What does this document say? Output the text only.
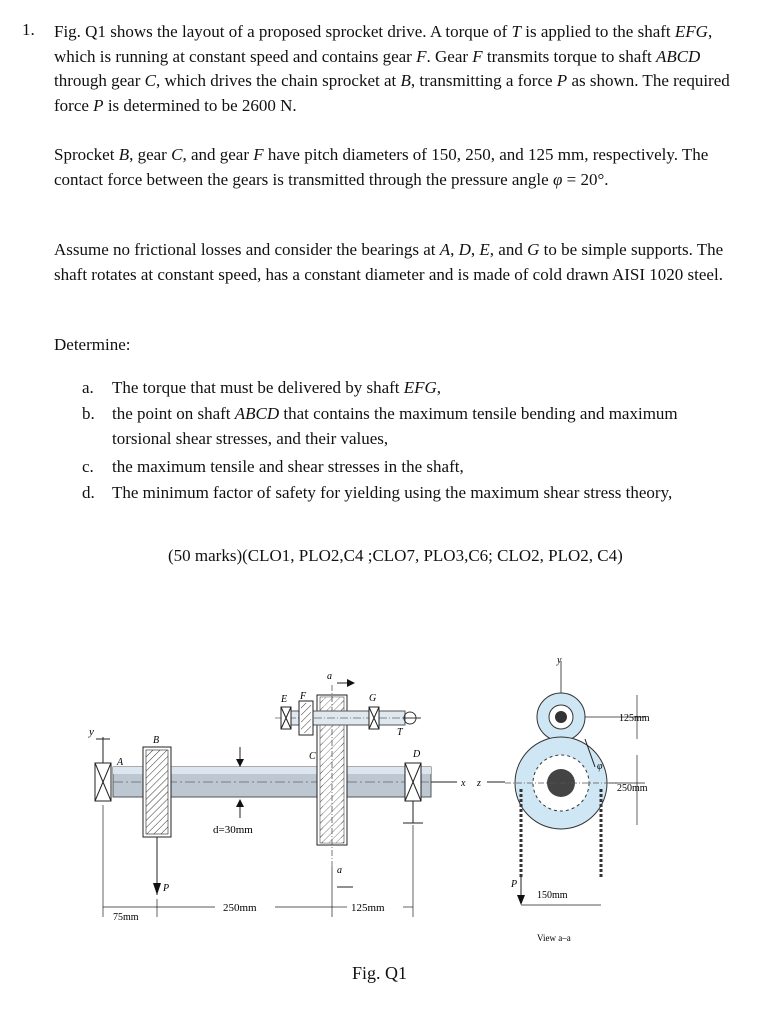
1. Fig. Q1 shows the layout of a proposed sprocket drive. A torque of T is applied to the shaft EFG, which is running at constant speed and contains gear F. Gear F transmits torque to shaft ABCD through gear C, which drives the chain sprocket at B, transmitting a force P as shown. The required force P is determined to be 2600 N.
Sprocket B, gear C, and gear F have pitch diameters of 150, 250, and 125 mm, respectively. The contact force between the gears is transmitted through the pressure angle φ = 20°.
Assume no frictional losses and consider the bearings at A, D, E, and G to be simple supports. The shaft rotates at constant speed, has a constant diameter and is made of cold drawn AISI 1020 steel.
Determine:
a. The torque that must be delivered by shaft EFG,
b. the point on shaft ABCD that contains the maximum tensile bending and maximum torsional shear stresses, and their values,
c. the maximum tensile and shear stresses in the shaft,
d. The minimum factor of safety for yielding using the maximum shear stress theory,
(50 marks)(CLO1, PLO2,C4 ;CLO7, PLO3,C6; CLO2, PLO2, C4)
y
A
B
C	D
E F	G
T
a
a
x
P
d=30mm
75mm
250mm	125mm
z
y
P
φ
125mm
250mm
150mm
View a–a
Fig. Q1
